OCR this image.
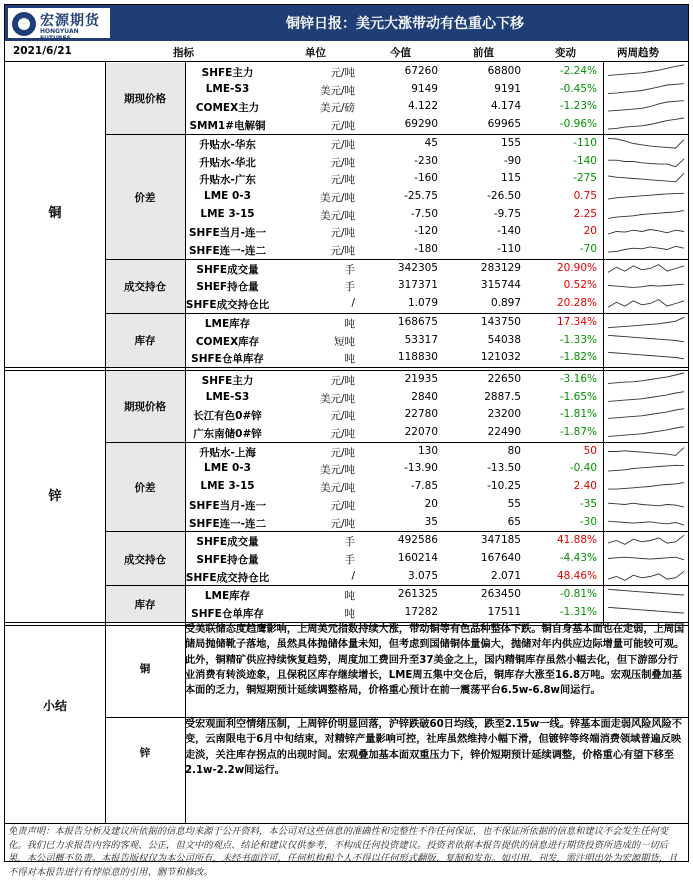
宏源期货
HONGYUAN FUTURES
铜锌日报：美元大涨带动有色重心下移
2021/6/21	指标	单位	今值	前值	变动	两周趋势
铜
锌
小结
铜
受美联储态度趋鹰影响，上周美元指数持续大涨，带动铜等有色品种整体下跌。铜自身基本面也在走弱，上周国储局抛储靴子落地，虽然具体抛储体量未知，但考虑到国储铜体量偏大，抛储对年内供应边际增量可能较可观。此外，铜精矿供应持续恢复趋势，周度加工费回升至37美金之上，国内精铜库存虽然小幅去化，但下游部分行业消费有转淡迹象，且保税区库存继续增长，LME周五集中交仓后，铜库存大涨至16.8万吨。宏观压制叠加基本面的乏力，铜短期预计延续调整格局，价格重心预计在前一震荡平台6.5w-6.8w间运行。
锌
受宏观面利空情绪压制，上周锌价明显回落，沪锌跌破60日均线，跌至2.15w一线。锌基本面走弱风险风险不变，云南限电于6月中旬结束，对精锌产量影响可控，社库虽然维持小幅下滑，但镀锌等终端消费领域普遍反映走淡，关注库存拐点的出现时间。宏观叠加基本面双重压力下，锌价短期预计延续调整，价格重心有望下移至2.1w-2.2w间运行。
免责声明：本报告分析及建议所依据的信息均来源于公开资料，本公司对这些信息的准确性和完整性不作任何保证，也不保证所依据的信息和建议不会发生任何变化。我们已力求报告内容的客观、公正，但文中的观点、结论和建议仅供参考，不构成任何投资建议。投资者依据本报告提供的信息进行期货投资所造成的一切后果，本公司概不负责。本报告版权仅为本公司所有，未经书面许可，任何机构和个人不得以任何形式翻版、复制和发布。如引用、刊发，需注明出处为宏源期货，且不得对本报告进行有悖原意的引用、删节和修改。
期现价格
SHFE主力	元/吨	67260	68800	-2.24%
LME-S3	美元/吨	9149	9191	-0.45%
COMEX主力	美元/磅	4.122	4.174	-1.23%
SMM1#电解铜	元/吨	69290	69965	-0.96%
价差
升贴水-华东	元/吨	45	155	-110
升贴水-华北	元/吨	-230	-90	-140
升贴水-广东	元/吨	-160	115	-275
LME 0-3	美元/吨	-25.75	-26.50	0.75
LME 3-15	美元/吨	-7.50	-9.75	2.25
SHFE当月-连一	元/吨	-120	-140	20
SHFE连一-连二	元/吨	-180	-110	-70
成交持仓
SHFE成交量	手	342305	283129	20.90%
SHEF持仓量	手	317371	315744	0.52%
SHFE成交持仓比	/	1.079	0.897	20.28%
库存
LME库存	吨	168675	143750	17.34%
COMEX库存	短吨	53317	54038	-1.33%
SHFE仓单库存	吨	118830	121032	-1.82%
期现价格
SHFE主力	元/吨	21935	22650	-3.16%
LME-S3	美元/吨	2840	2887.5	-1.65%
长江有色0#锌	元/吨	22780	23200	-1.81%
广东南储0#锌	元/吨	22070	22490	-1.87%
价差
升贴水-上海	元/吨	130	80	50
LME 0-3	美元/吨	-13.90	-13.50	-0.40
LME 3-15	美元/吨	-7.85	-10.25	2.40
SHFE当月-连一	元/吨	20	55	-35
SHFE连一-连二	元/吨	35	65	-30
成交持仓
SHFE成交量	手	492586	347185	41.88%
SHFE持仓量	手	160214	167640	-4.43%
SHFE成交持仓比	/	3.075	2.071	48.46%
库存
LME库存	吨	261325	263450	-0.81%
SHFE仓单库存	吨	17282	17511	-1.31%
